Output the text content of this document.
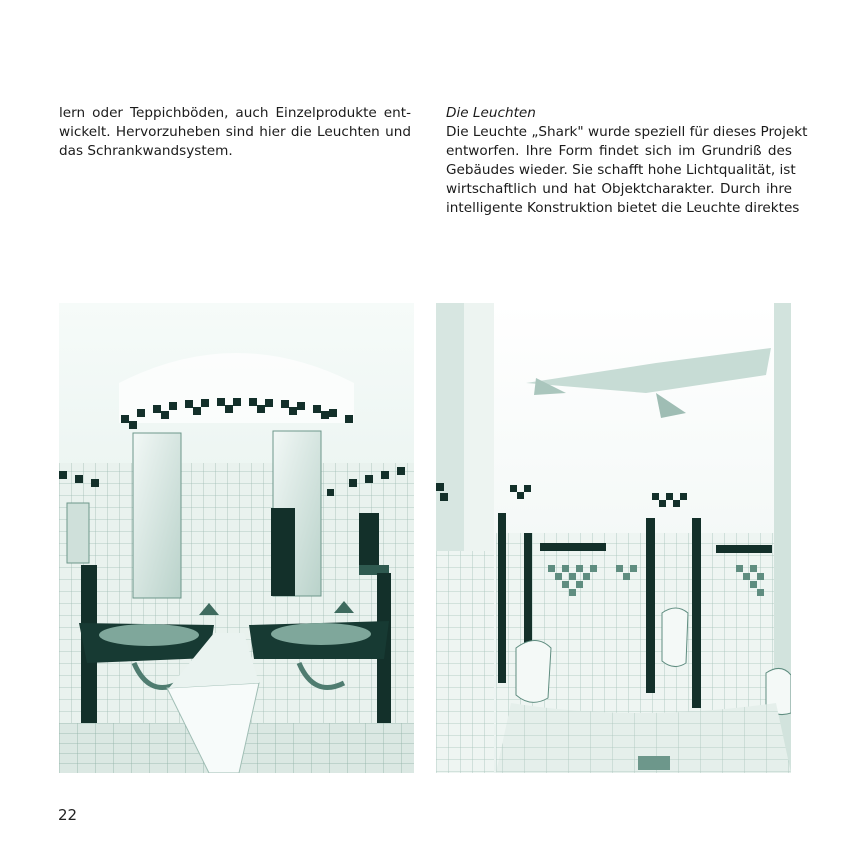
lern oder Teppichböden, auch Einzelprodukte ent-
wickelt. Hervorzuheben sind hier die Leuchten und
das Schrankwandsystem.
Die Leuchten
Die Leuchte „Shark" wurde speziell für dieses Projekt
entworfen. Ihre Form findet sich im Grundriß des
Gebäudes wieder. Sie schafft hohe Lichtqualität, ist
wirtschaftlich und hat Objektcharakter. Durch ihre
intelligente Konstruktion bietet die Leuchte direktes
22
